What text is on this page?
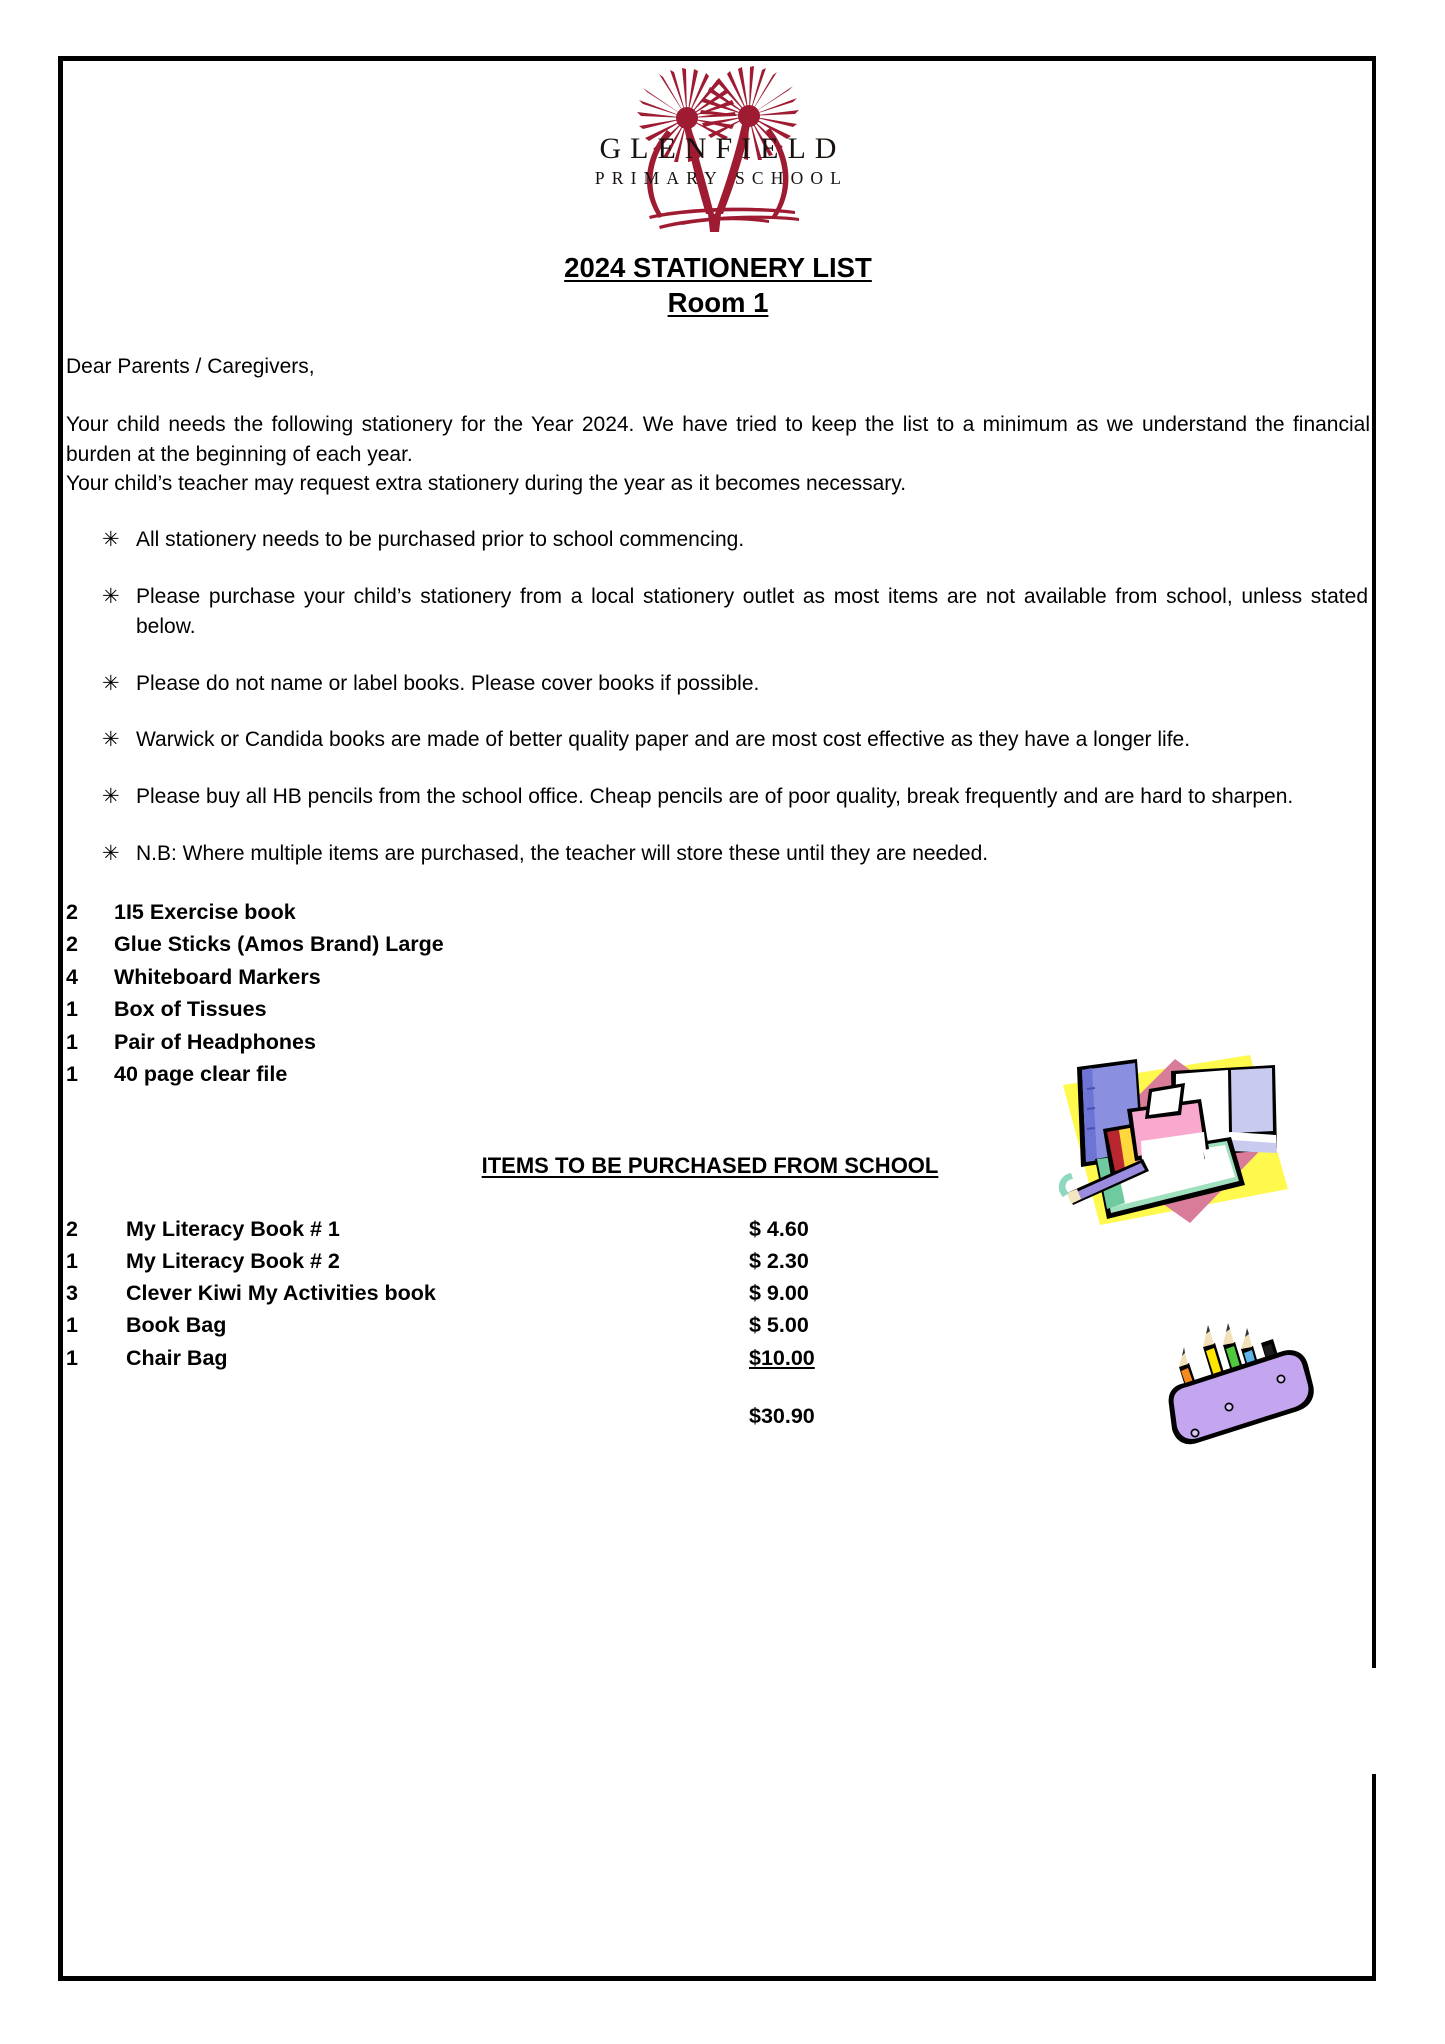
GLENFIELD
PRIMARY SCHOOL
2024 STATIONERY LIST
Room 1
Dear Parents / Caregivers,
Your child needs the following stationery for the Year 2024. We have tried to keep the list to a minimum as we understand the financial burden at the beginning of each year.
Your child’s teacher may request extra stationery during the year as it becomes necessary.
✳ All stationery needs to be purchased prior to school commencing.
✳ Please purchase your child’s stationery from a local stationery outlet as most items are not available from school, unless stated below.
✳ Please do not name or label books. Please cover books if possible.
✳ Warwick or Candida books are made of better quality paper and are most cost effective as they have a longer life.
✳ Please buy all HB pencils from the school office. Cheap pencils are of poor quality, break frequently and are hard to sharpen.
✳ N.B: Where multiple items are purchased, the teacher will store these until they are needed.
2	1I5 Exercise book
2	Glue Sticks (Amos Brand) Large
4	Whiteboard Markers
1	Box of Tissues
1	Pair of Headphones
1	40 page clear file
ITEMS TO BE PURCHASED FROM SCHOOL
2	My Literacy Book # 1	$ 4.60
1	My Literacy Book # 2	$ 2.30
3	Clever Kiwi My Activities book	$ 9.00
1	Book Bag	$ 5.00
1	Chair Bag	$10.00
$30.90
